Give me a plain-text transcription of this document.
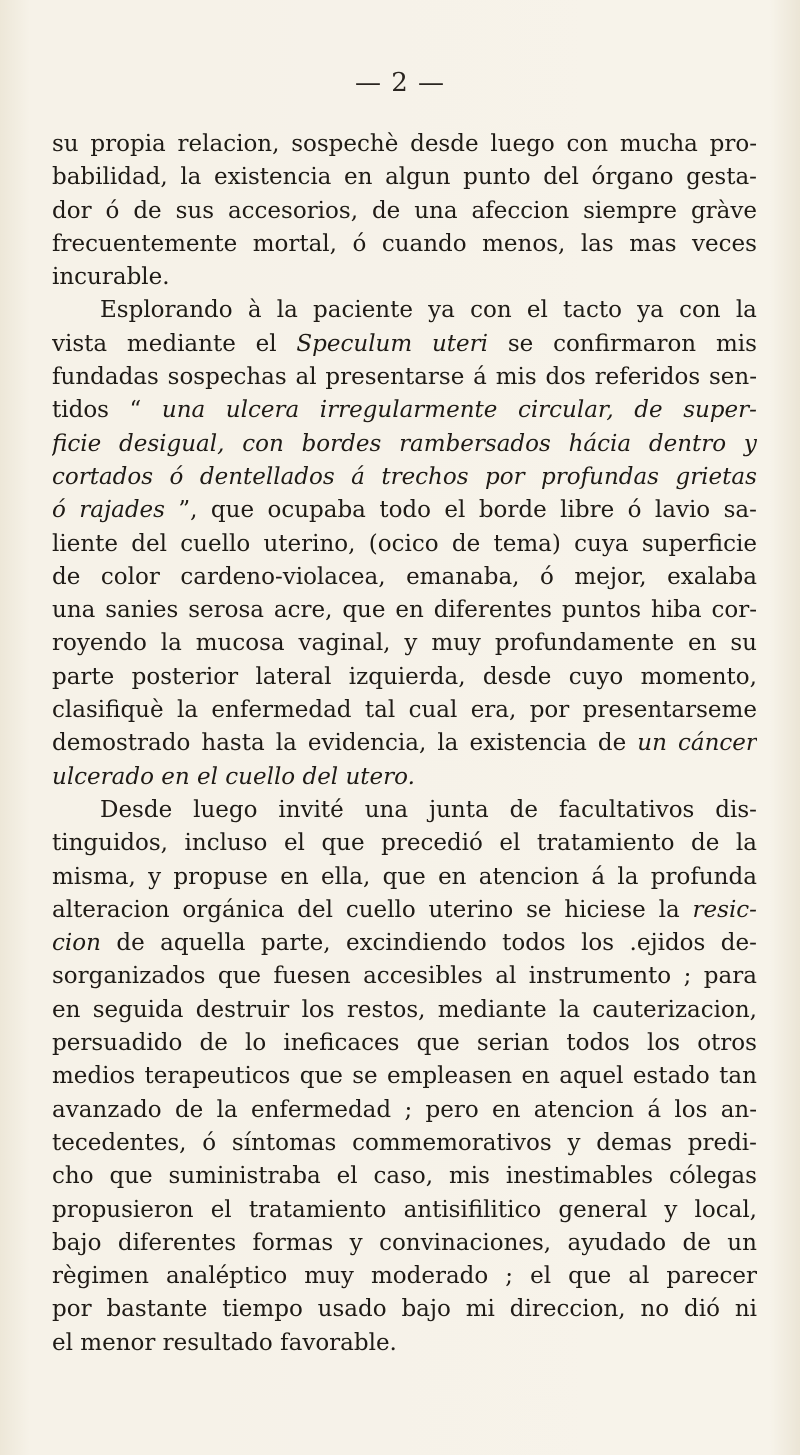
— 2 —
su propia relacion, sospechè desde luego con mucha pro-
babilidad, la existencia en algun punto del órgano gesta-
dor ó de sus accesorios, de una afeccion siempre gràve
frecuentemente mortal, ó cuando menos, las mas veces
incurable.
Esplorando à la paciente ya con el tacto ya con la
vista mediante el Speculum uteri se confirmaron mis
fundadas sospechas al presentarse á mis dos referidos sen-
tidos “ una ulcera irregularmente circular, de super-
ficie desigual, con bordes rambersados hácia dentro y
cortados ó dentellados á trechos por profundas grietas
ó rajades ”, que ocupaba todo el borde libre ó lavio sa-
liente del cuello uterino, (ocico de tema) cuya superficie
de color cardeno-violacea, emanaba, ó mejor, exalaba
una sanies serosa acre, que en diferentes puntos hiba cor-
royendo la mucosa vaginal, y muy profundamente en su
parte posterior lateral izquierda, desde cuyo momento,
clasifiquè la enfermedad tal cual era, por presentarseme
demostrado hasta la evidencia, la existencia de un cáncer
ulcerado en el cuello del utero.
Desde luego invité una junta de facultativos dis-
tinguidos, incluso el que precedió el tratamiento de la
misma, y propuse en ella, que en atencion á la profunda
alteracion orgánica del cuello uterino se hiciese la resic-
cion de aquella parte, excindiendo todos los .ejidos de-
sorganizados que fuesen accesibles al instrumento ; para
en seguida destruir los restos, mediante la cauterizacion,
persuadido de lo ineficaces que serian todos los otros
medios terapeuticos que se empleasen en aquel estado tan
avanzado de la enfermedad ; pero en atencion á los an-
tecedentes, ó síntomas commemorativos y demas predi-
cho que suministraba el caso, mis inestimables cólegas
propusieron el tratamiento antisifilitico general y local,
bajo diferentes formas y convinaciones, ayudado de un
règimen analéptico muy moderado ; el que al parecer
por bastante tiempo usado bajo mi direccion, no dió ni
el menor resultado favorable.
